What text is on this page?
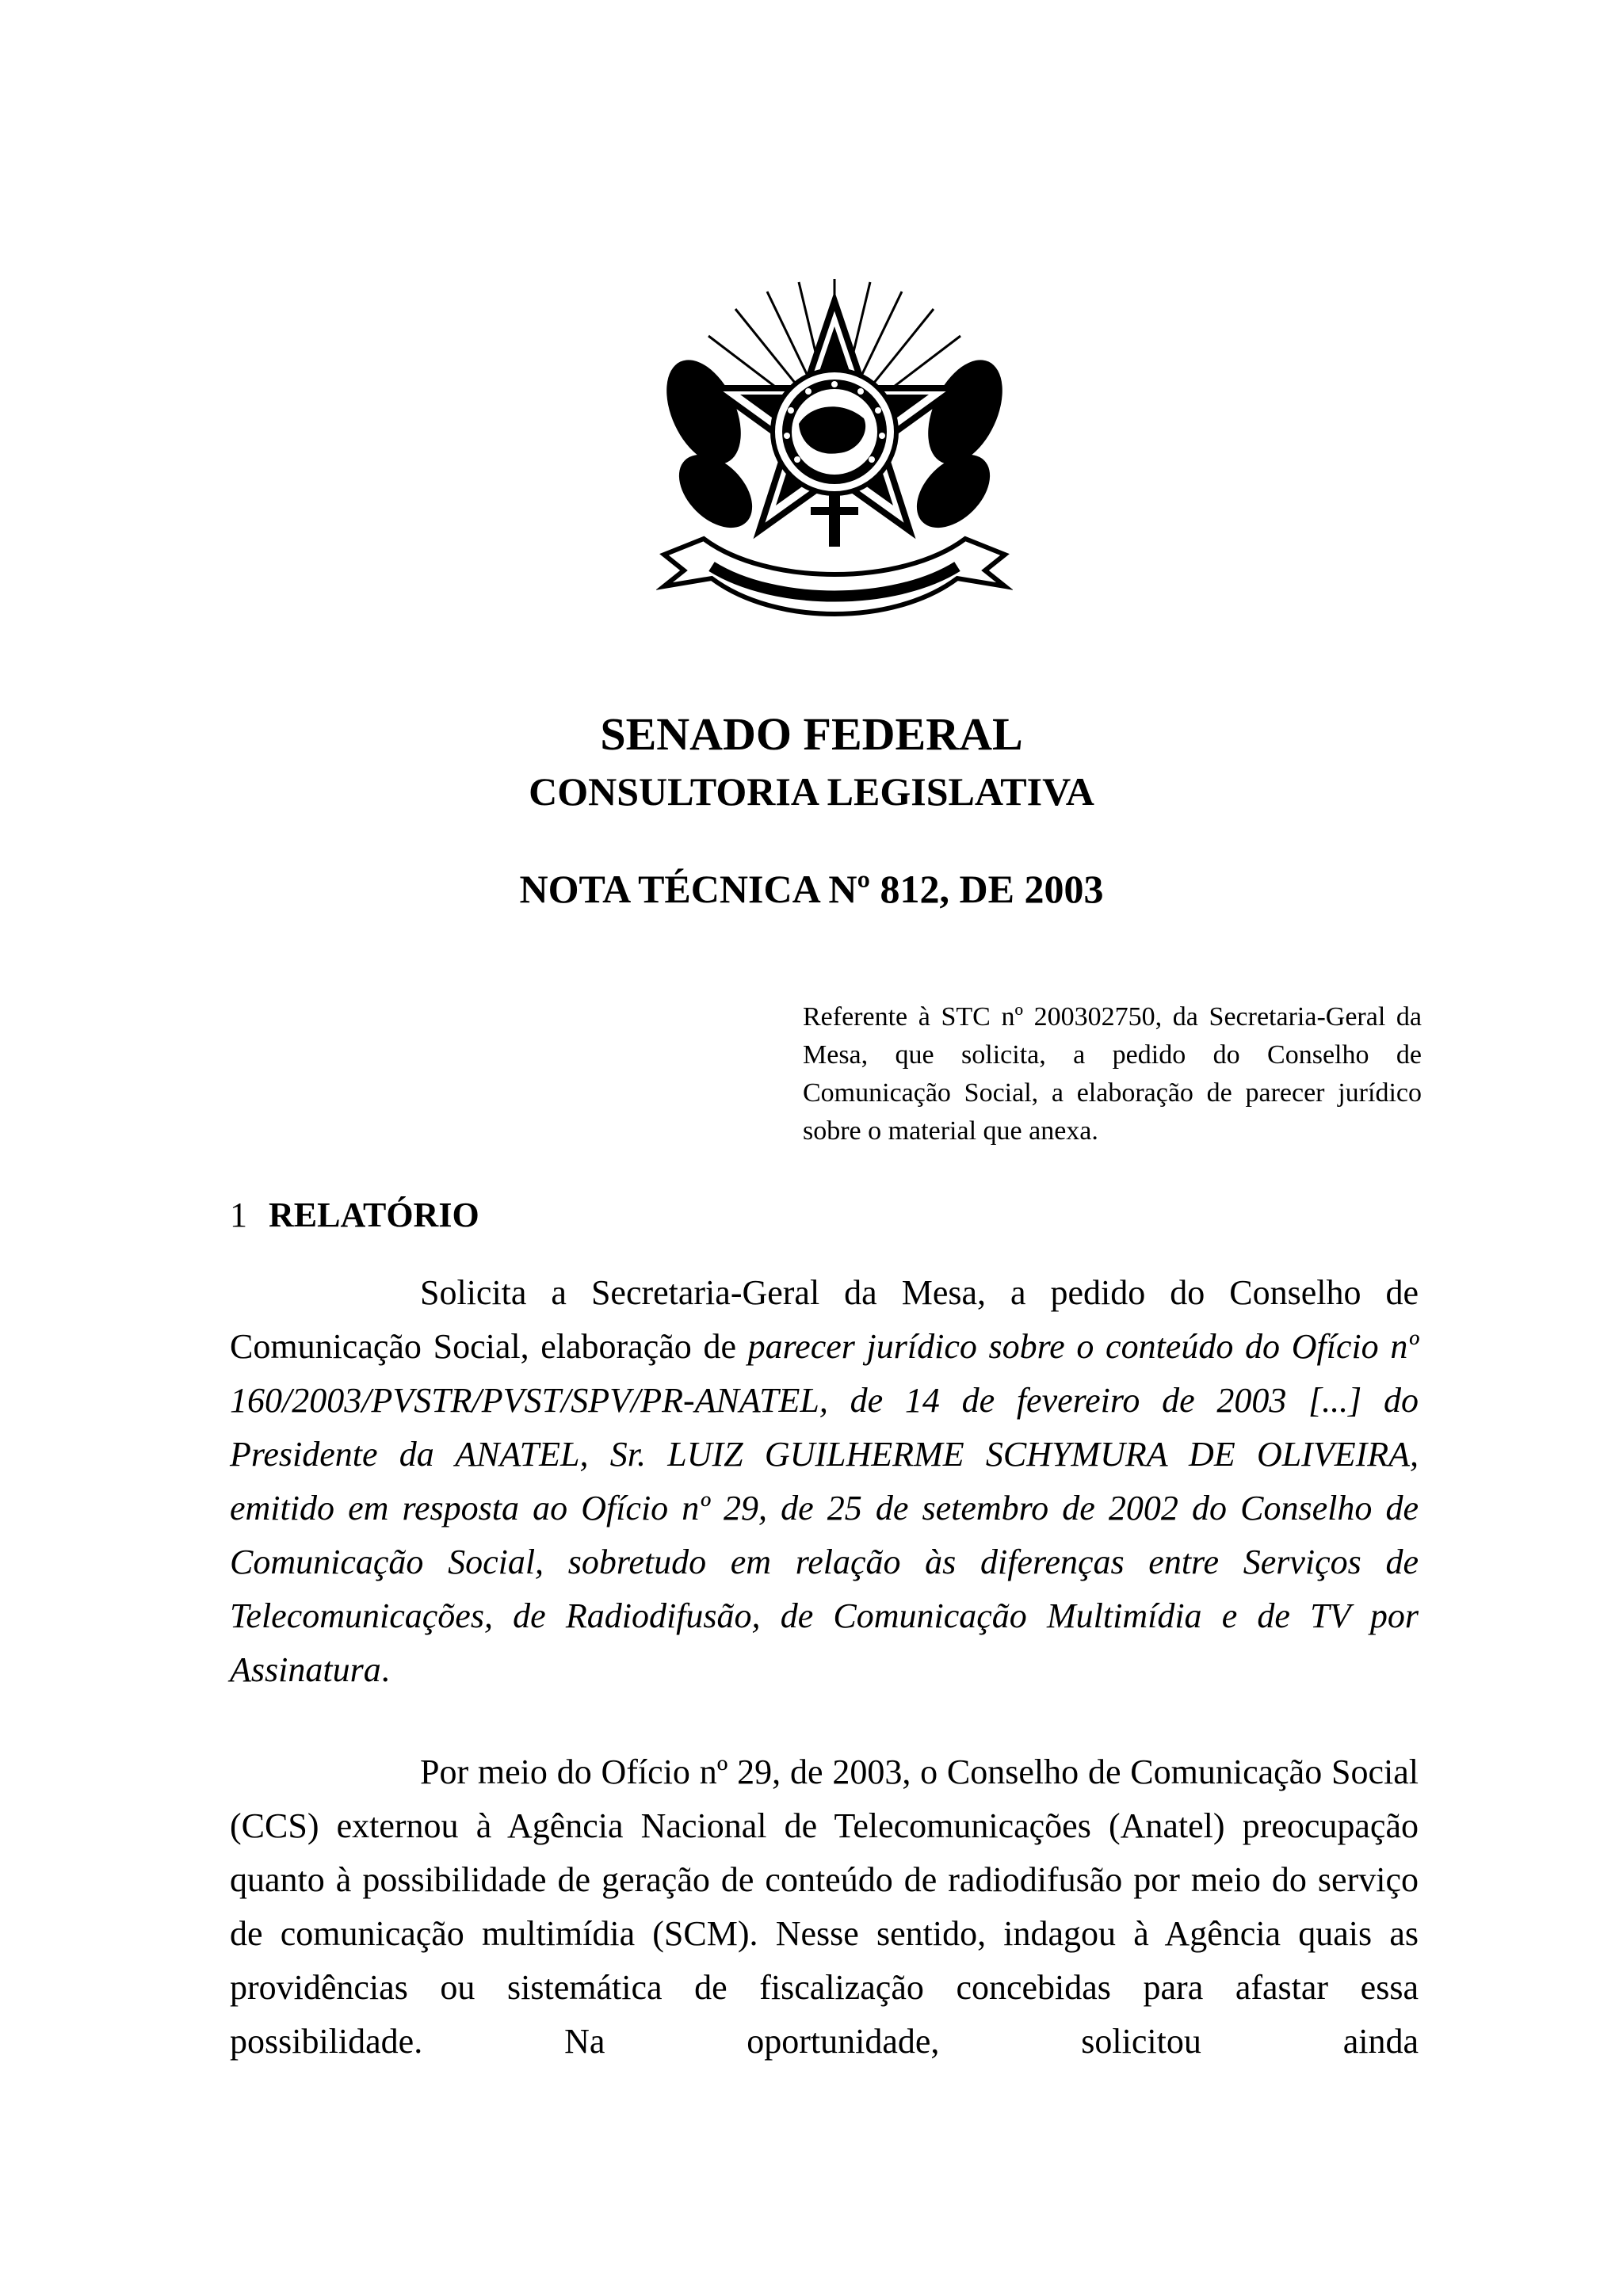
SENADO FEDERAL
CONSULTORIA LEGISLATIVA
NOTA TÉCNICA Nº 812, DE 2003
Referente à STC nº 200302750, da Secretaria-Geral da Mesa, que solicita, a pedido do Conselho de Comunicação Social, a elaboração de parecer jurídico sobre o material que anexa.
1 RELATÓRIO
Solicita a Secretaria-Geral da Mesa, a pedido do Conselho de Comunicação Social, elaboração de parecer jurídico sobre o conteúdo do Ofício nº 160/2003/PVSTR/PVST/SPV/PR-ANATEL, de 14 de fevereiro de 2003 [...] do Presidente da ANATEL, Sr. LUIZ GUILHERME SCHYMURA DE OLIVEIRA, emitido em resposta ao Ofício nº 29, de 25 de setembro de 2002 do Conselho de Comunicação Social, sobretudo em relação às diferenças entre Serviços de Telecomunicações, de Radiodifusão, de Comunicação Multimídia e de TV por Assinatura.
Por meio do Ofício nº 29, de 2003, o Conselho de Comunicação Social (CCS) externou à Agência Nacional de Telecomunicações (Anatel) preocupação quanto à possibilidade de geração de conteúdo de radiodifusão por meio do serviço de comunicação multimídia (SCM). Nesse sentido, indagou à Agência quais as providências ou sistemática de fiscalização concebidas para afastar essa possibilidade. Na oportunidade, solicitou ainda
